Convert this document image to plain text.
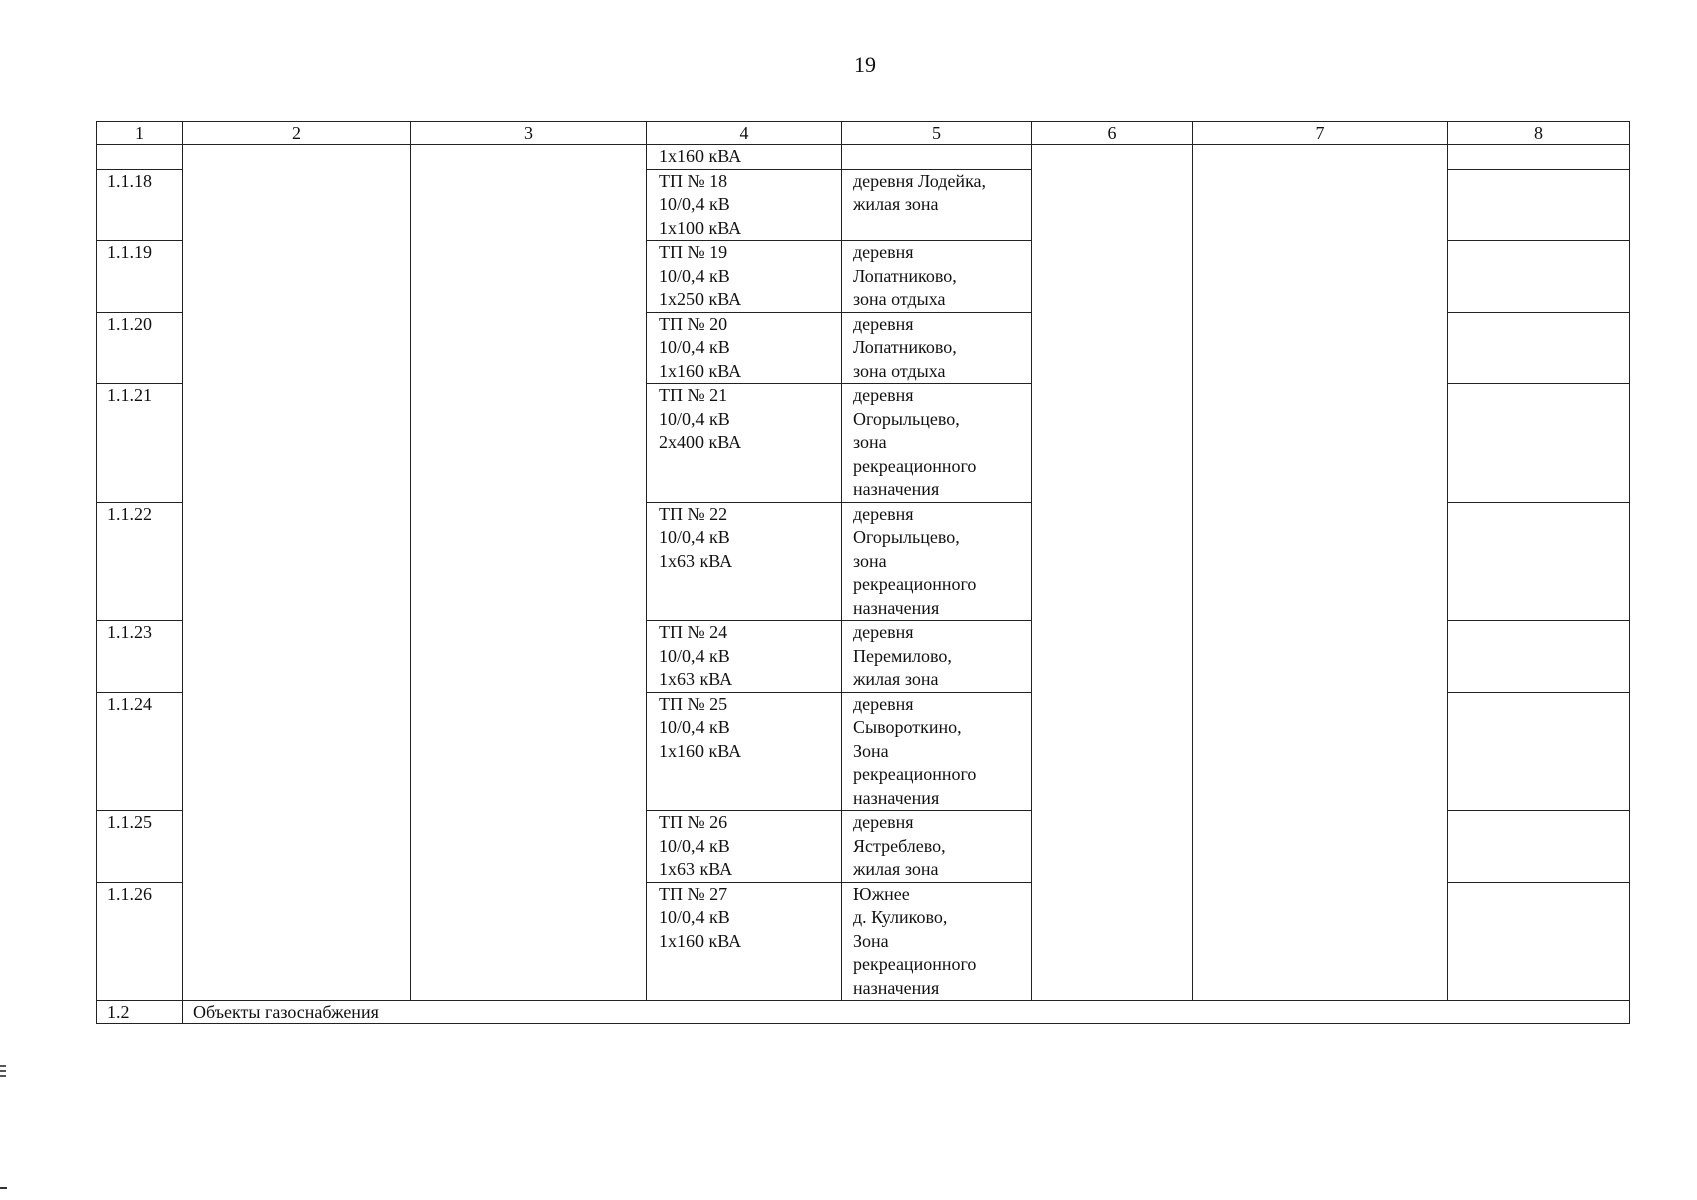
19
1	2	3	4	5	6	7	8
			1х160 кВА				
1.1.18			ТП № 18
10/0,4 кВ
1х100 кВА	деревня Лодейка,
жилая зона			
1.1.19			ТП № 19
10/0,4 кВ
1х250 кВА	деревня
Лопатниково,
зона отдыха			
1.1.20			ТП № 20
10/0,4 кВ
1х160 кВА	деревня
Лопатниково,
зона отдыха			
1.1.21			ТП № 21
10/0,4 кВ
2х400 кВА	деревня
Огорыльцево,
зона
рекреационного
назначения			
1.1.22			ТП № 22
10/0,4 кВ
1х63 кВА	деревня
Огорыльцево,
зона
рекреационного
назначения			
1.1.23			ТП № 24
10/0,4 кВ
1х63 кВА	деревня
Перемилово,
жилая зона			
1.1.24			ТП № 25
10/0,4 кВ
1х160 кВА	деревня
Сывороткино,
Зона
рекреационного
назначения			
1.1.25			ТП № 26
10/0,4 кВ
1х63 кВА	деревня
Ястреблево,
жилая зона			
1.1.26			ТП № 27
10/0,4 кВ
1х160 кВА	Южнее
д. Куликово,
Зона
рекреационного
назначения			
1.2	Объекты газоснабжения						
